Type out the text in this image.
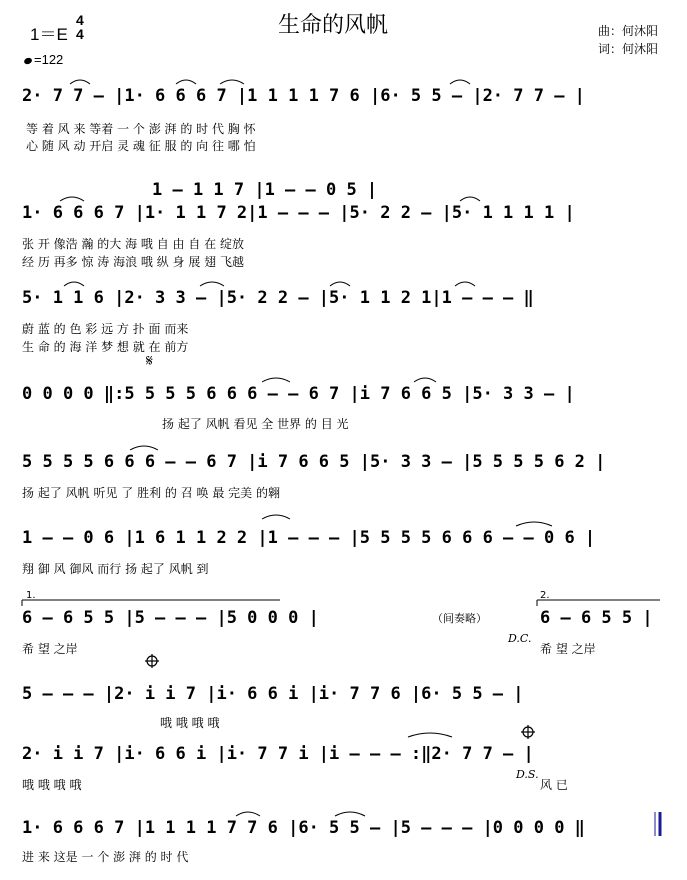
生命的风帆	曲：何沐阳
词：何沐阳
1＝E
4
4
=122
2· 7 7 – |1· 6 6 6 7 |1 1 1 1 7 6 |6· 5 5 – |2· 7 7 – |
等 着 风 来 等着 一 个 澎 湃 的 时 代 胸 怀
心 随 风 动 开启 灵 魂 征 服 的 向 往 哪 怕
1 – 1 1 7 |1 – – 0 5 |
1· 6 6 6 7 |1· 1 1 7 2|1 – – – |5· 2 2 – |5· 1 1 1 1 |
张 开 像浩 瀚 的大 海 哦 自 由 自 在 绽放
经 历 再多 惊 涛 海浪 哦 纵 身 展 翅 飞越
5· 1 1 6 |2· 3 3 – |5· 2 2 – |5· 1 1 2 1|1 – – – ‖
蔚 蓝 的 色 彩 远 方 扑 面 而来
生 命 的 海 洋 梦 想 就 在 前方
0 0 0 0 ‖:5 5 5 5 6 6 6 – – 6 7 |i 7 6 6 5 |5· 3 3 – |
扬 起了 风帆 看见 全 世界 的 目 光
5 5 5 5 6 6 6 – – 6 7 |i 7 6 6 5 |5· 3 3 – |5 5 5 5 6 2 |
扬 起了 风帆 听见 了 胜利 的 召 唤 最 完美 的翱
1 – – 0 6 |1 6 1 1 2 2 |1 – – – |5 5 5 5 6 6 6 – – 0 6 |
翔 御 风 御风 而行 扬 起了 风帆 到
6 – 6 5 5 |5 – – – |5 0 0 0 |	（间奏略）
D.C.
6 – 6 5 5 |
希 望 之岸	希 望 之岸
5 – – – |2· i i 7 |i· 6 6 i |i· 7 7 6 |6· 5 5 – |
哦 哦 哦 哦
2· i i 7 |i· 6 6 i |i· 7 7 i |i – – – :‖2· 7 7 – |
D.S.
哦 哦 哦 哦	风 已
1· 6 6 6 7 |1 1 1 1 7 7 6 |6· 5 5 – |5 – – – |0 0 0 0 ‖
进 来 这是 一 个 澎 湃 的 时 代
𝄋
1.	2.
